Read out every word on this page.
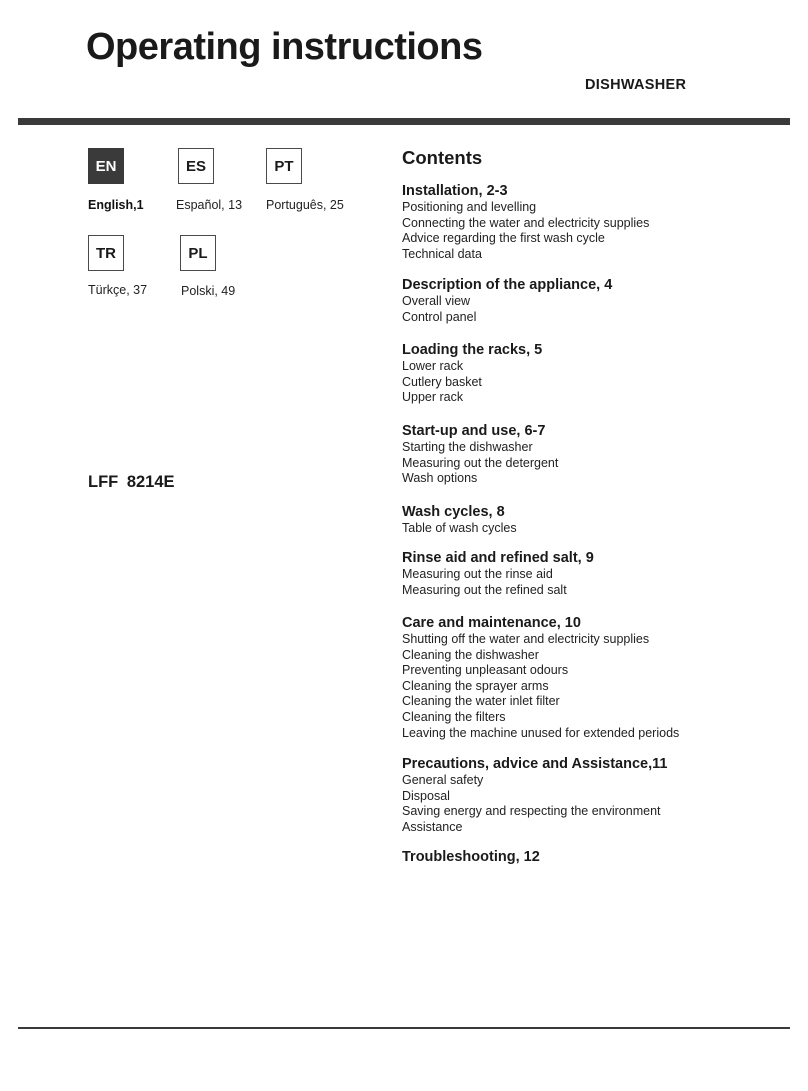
Operating instructions
DISHWASHER
EN	ES	PT
English,1	Español, 13 Português, 25
TR	PL
Türkçe, 37	Polski, 49
LFF 8214E
Contents
Installation, 2-3
Positioning and levelling
Connecting the water and electricity supplies
Advice regarding the first wash cycle
Technical data
Description of the appliance, 4
Overall view
Control panel
Loading the racks, 5
Lower rack
Cutlery basket
Upper rack
Start-up and use, 6-7
Starting the dishwasher
Measuring out the detergent
Wash options
Wash cycles, 8
Table of wash cycles
Rinse aid and refined salt, 9
Measuring out the rinse aid
Measuring out the refined salt
Care and maintenance, 10
Shutting off the water and electricity supplies
Cleaning the dishwasher
Preventing unpleasant odours
Cleaning the sprayer arms
Cleaning the water inlet filter
Cleaning the filters
Leaving the machine unused for extended periods
Precautions, advice and Assistance,11
General safety
Disposal
Saving energy and respecting the environment
Assistance
Troubleshooting, 12
